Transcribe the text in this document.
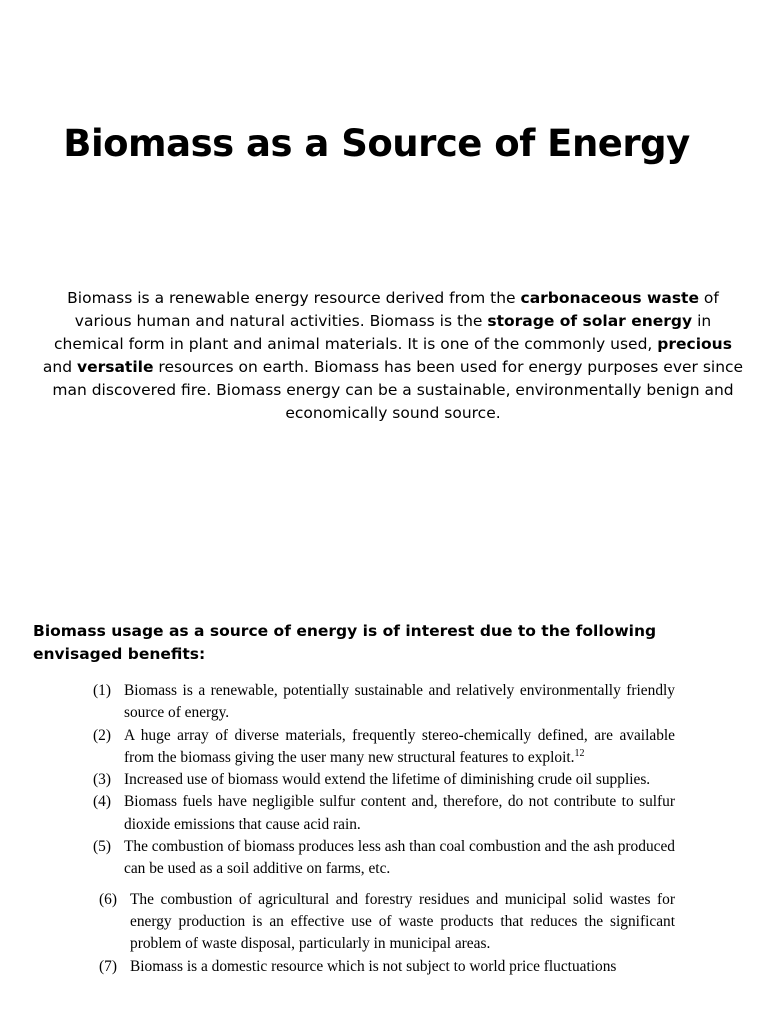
Biomass as a Source of Energy

Biomass is a renewable energy resource derived from the carbonaceous waste of various human and natural activities. Biomass is the storage of solar energy in chemical form in plant and animal materials. It is one of the commonly used, precious and versatile resources on earth. Biomass has been used for energy purposes ever since man discovered fire. Biomass energy can be a sustainable, environmentally benign and economically sound source.

Biomass usage as a source of energy is of interest due to the following envisaged benefits:

(1) Biomass is a renewable, potentially sustainable and relatively environmentally friendly source of energy.
(2) A huge array of diverse materials, frequently stereo-chemically defined, are available from the biomass giving the user many new structural features to exploit.$^{12}$
(3) Increased use of biomass would extend the lifetime of diminishing crude oil supplies.
(4) Biomass fuels have negligible sulfur content and, therefore, do not contribute to sulfur dioxide emissions that cause acid rain.
(5) The combustion of biomass produces less ash than coal combustion and the ash produced can be used as a soil additive on farms, etc.
(6) The combustion of agricultural and forestry residues and municipal solid wastes for energy production is an effective use of waste products that reduces the significant problem of waste disposal, particularly in municipal areas.
(7) Biomass is a domestic resource which is not subject to world price fluctuations
